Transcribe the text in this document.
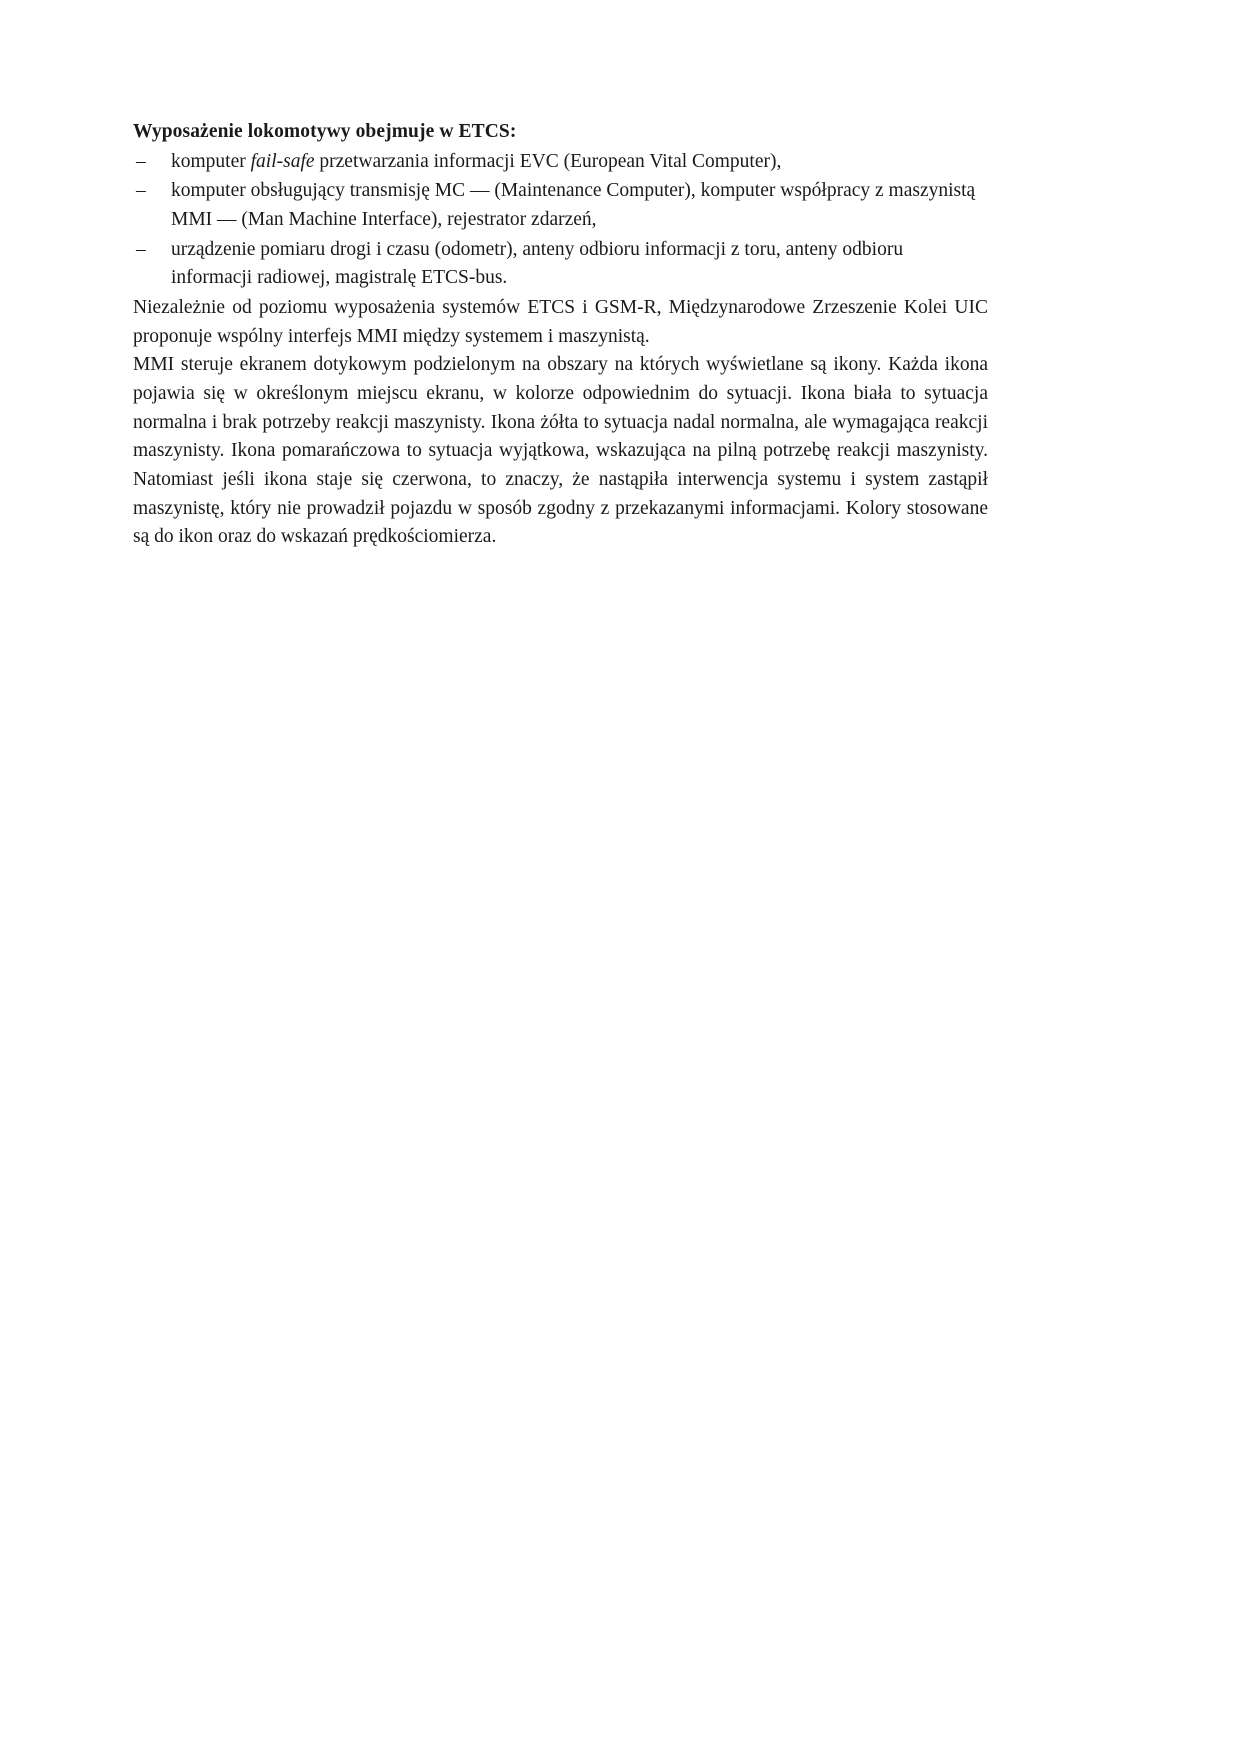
Wyposażenie lokomotywy obejmuje w ETCS:
– komputer fail-safe przetwarzania informacji EVC (European Vital Computer),
– komputer obsługujący transmisję MC — (Maintenance Computer), komputer współpracy z maszynistą MMI — (Man Machine Interface), rejestrator zdarzeń,
– urządzenie pomiaru drogi i czasu (odometr), anteny odbioru informacji z toru, anteny odbioru informacji radiowej, magistralę ETCS-bus.

Niezależnie od poziomu wyposażenia systemów ETCS i GSM-R, Międzynarodowe Zrzeszenie Kolei UIC proponuje wspólny interfejs MMI między systemem i maszynistą.

MMI steruje ekranem dotykowym podzielonym na obszary na których wyświetlane są ikony. Każda ikona pojawia się w określonym miejscu ekranu, w kolorze odpowiednim do sytuacji. Ikona biała to sytuacja normalna i brak potrzeby reakcji maszynisty. Ikona żółta to sytuacja nadal normalna, ale wymagająca reakcji maszynisty. Ikona pomarańczowa to sytuacja wyjątkowa, wskazująca na pilną potrzebę reakcji maszynisty. Natomiast jeśli ikona staje się czerwona, to znaczy, że nastąpiła interwencja systemu i system zastąpił maszynistę, który nie prowadził pojazdu w sposób zgodny z przekazanymi informacjami. Kolory stosowane są do ikon oraz do wskazań prędkościomierza.
